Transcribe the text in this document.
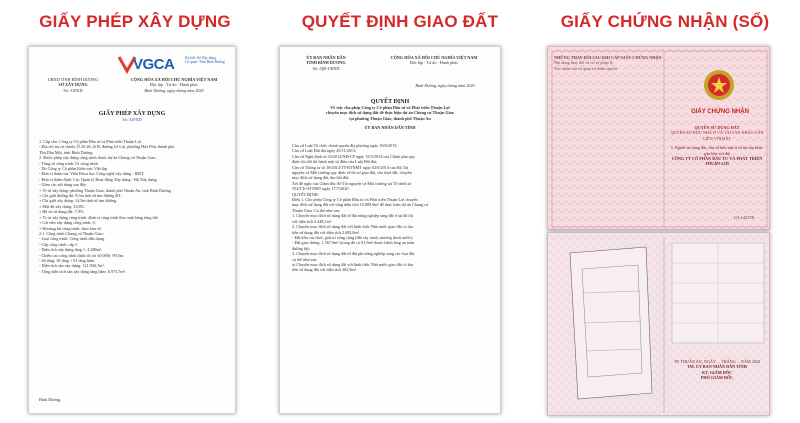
GIẤY PHÉP XÂY DỰNG	QUYẾT ĐỊNH GIAO ĐẤT	GIẤY CHỨNG NHẬN (SỔ)
VGCA	Ký bởi: Sở Xây dựng
Cơ quan: Tỉnh Bình Dương
UBND TỈNH BÌNH DƯƠNG
SỞ XÂY DỰNG
Số: /GPXD
CỘNG HÒA XÃ HỘI CHỦ NGHĨA VIỆT NAM
Độc lập - Tự do - Hạnh phúc
Bình Dương, ngày tháng năm 2020
GIẤY PHÉP XÂY DỰNG
Số: /GPXD
1. Cấp cho: Công ty Cổ phần Đầu tư và Phát triển Thuận Lợi
- Địa chỉ trụ sở chính: Ô 25-26, lô B, đường Lê Lợi, phường Hòa Phú, thành phố
Thủ Dầu Một, tỉnh Bình Dương.
2. Được phép xây dựng công trình thuộc dự án Chung cư Thuận Giao.
- Tổng số công trình: 01 công trình.
- Do Công ty Cổ phần Kiến trúc Việt lập.
- Đơn vị thẩm tra: Viện Khoa học Công nghệ xây dựng - IBST.
- Đơn vị thẩm định: Cục Quản lý Hoạt động Xây dựng - Bộ Xây dựng.
- Gồm các nội dung sau đây:
+ Vị trí xây dựng: phường Thuận Giao, thành phố Thuận An, tỉnh Bình Dương.
+ Chỉ giới đường đỏ: 8,5m tính từ tim đường ĐT.
+ Chỉ giới xây dựng: 14,5m tính từ tim đường.
+ Mật độ xây dựng: 33,8%.
+ Hệ số sử dụng đất: 7,9%.
+ Vị trí xây dựng công trình: định vị công trình theo mặt bằng tổng thể.
+ Cốt nền xây dựng công trình: 0.
+ Khoảng lùi công trình: theo bản vẽ.
2.1. Công trình Chung cư Thuận Giao:
- Loại công trình: Công trình dân dụng.
- Cấp công trình: cấp I.
- Diện tích xây dựng tầng 1: 4.288m².
- Chiều cao công trình (tính từ cốt ±0.000): 99,5m.
- Số tầng: 30 tầng + 01 tầng hầm.
- Diện tích sàn xây dựng: 121.926,7m².
- Tổng diện tích sàn xây dựng tầng hầm: 8.975,7m².
Bình Dương,
ỦY BAN NHÂN DÂN
TỈNH BÌNH DƯƠNG
Số: /QĐ-UBND
CỘNG HÒA XÃ HỘI CHỦ NGHĨA VIỆT NAM
Độc lập - Tự do - Hạnh phúc
Bình Dương, ngày tháng năm 2020
QUYẾT ĐỊNH
Về việc cho phép Công ty Cổ phần Đầu tư và Phát triển Thuận Lợi
chuyển mục đích sử dụng đất để thực hiện dự án Chung cư Thuận Giao
tại phường Thuận Giao, thành phố Thuận An
ỦY BAN NHÂN DÂN TỈNH
Căn cứ Luật Tổ chức chính quyền địa phương ngày 19/6/2015;
Căn cứ Luật Đất đai ngày 29/11/2013;
Căn cứ Nghị định số 43/2014/NĐ-CP ngày 15/5/2014 của Chính phủ quy
định chi tiết thi hành một số điều của Luật Đất đai;
Căn cứ Thông tư số 30/2014/TT-BTNMT ngày 02/6/2014 của Bộ Tài
nguyên và Môi trường quy định về hồ sơ giao đất, cho thuê đất, chuyển
mục đích sử dụng đất, thu hồi đất;
Xét đề nghị của Giám đốc Sở Tài nguyên và Môi trường tại Tờ trình số
354/TTr-STNMT ngày 17/7/2020.
QUYẾT ĐỊNH:
Điều 1. Cho phép Công ty Cổ phần Đầu tư và Phát triển Thuận Lợi chuyển
mục đích sử dụng đất với tổng diện tích 10.089,9m² để thực hiện dự án Chung cư
Thuận Giao. Cụ thể như sau:
1. Chuyển mục đích sử dụng đất từ đất nông nghiệp sang đất ở tại đô thị
với diện tích 3.448,1m².
2. Chuyển mục đích sử dụng đất với hình thức Nhà nước giao đất có thu
tiền sử dụng đất với diện tích 2.695,8m².
- Đất khu vui chơi, giải trí công cộng (đất cây xanh, mương thoát nước):
- Đất giao thông: 1.567,9m² (trong đó có 61,9m² thuộc hành lang an toàn
đường bộ).
3. Chuyển mục đích sử dụng đất từ đất phi nông nghiệp sang các loại đất,
cụ thể như sau:
a) Chuyển mục đích sử dụng đất với hình thức Nhà nước giao đất có thu
tiền sử dụng đất với diện tích 302,9m².
NHỮNG THAY ĐỔI SAU KHI CẤP GIẤY CHỨNG NHẬN
Nội dung thay đổi và cơ sở pháp lý
Xác nhận của cơ quan có thẩm quyền
GIẤY CHỨNG NHẬN
QUYỀN SỬ DỤNG ĐẤT
QUYỀN SỞ HỮU NHÀ Ở VÀ TÀI SẢN KHÁC GẮN LIỀN VỚI ĐẤT
I. Người sử dụng đất, chủ sở hữu nhà ở và tài sản khác gắn liền với đất
CÔNG TY CỔ PHẦN ĐẦU TƯ VÀ PHÁT TRIỂN THUẬN LỢI
CS 142578
TP. THUẬN AN, NGÀY ... THÁNG ... NĂM 2020
TM. ỦY BAN NHÂN DÂN TỈNH
KT. GIÁM ĐỐC
PHÓ GIÁM ĐỐC
